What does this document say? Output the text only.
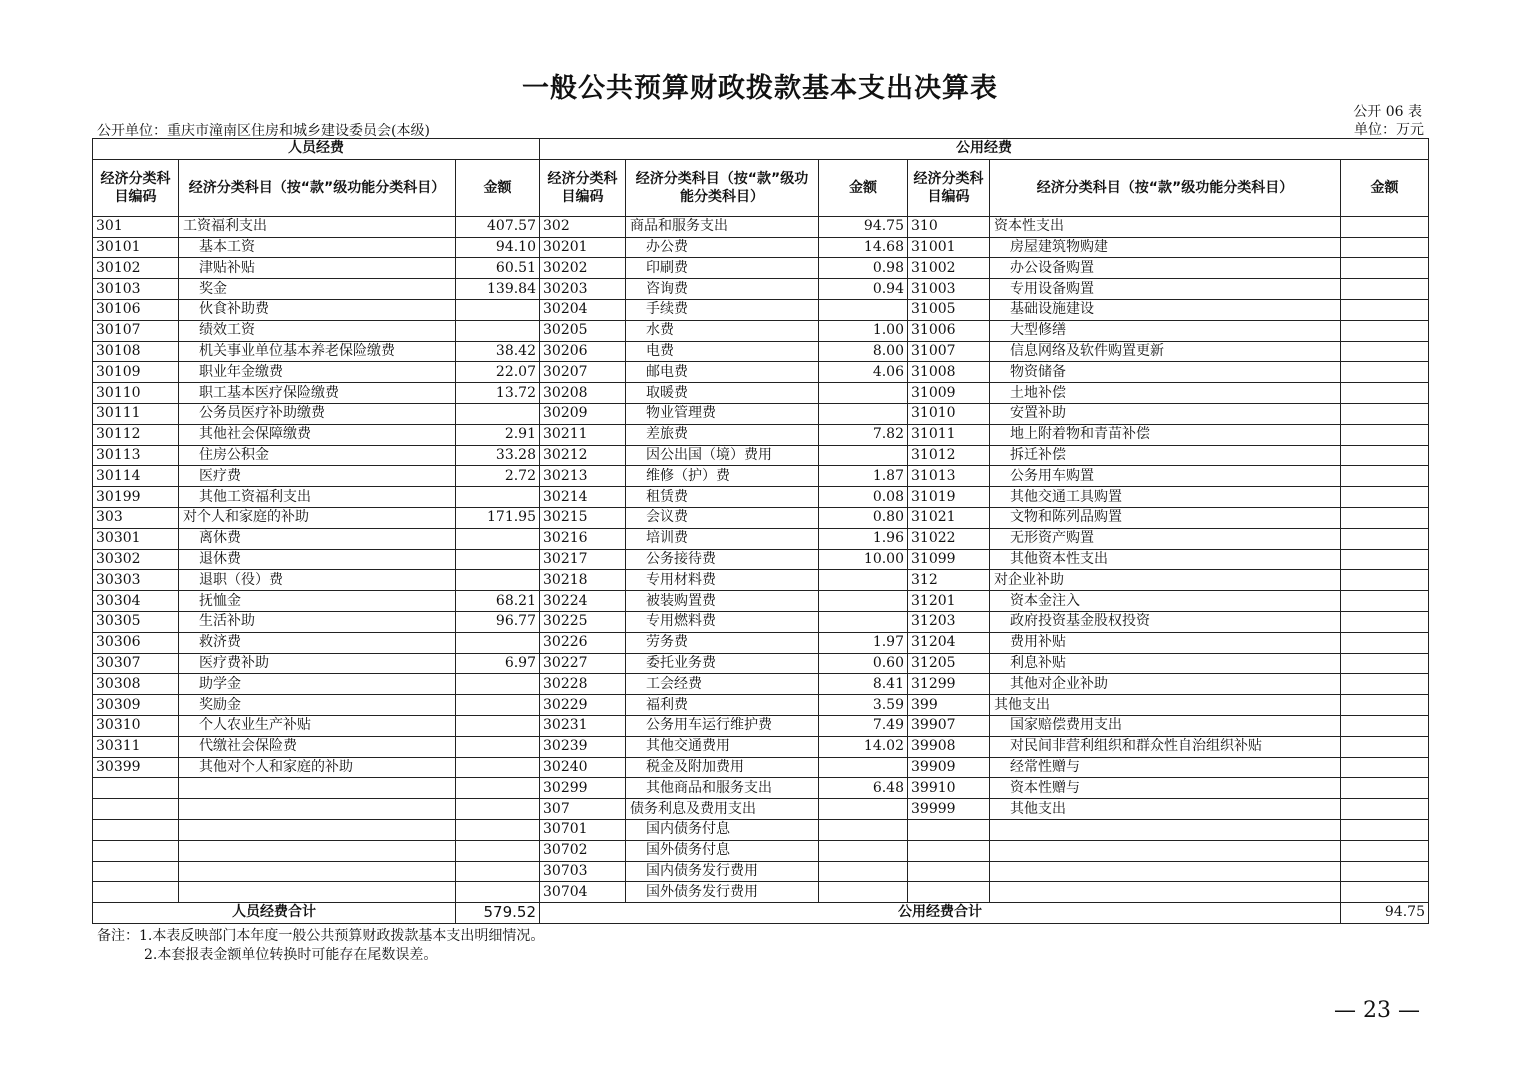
一般公共预算财政拨款基本支出决算表
公开 06 表
公开单位：重庆市潼南区住房和城乡建设委员会(本级)	单位：万元
人员经费			公用经费					
经济分类科目编码	经济分类科目（按“款”级功能分类科目）	金额	经济分类科目编码	经济分类科目（按“款”级功能分类科目）	金额	经济分类科目编码	经济分类科目（按“款”级功能分类科目）	金额
301	工资福利支出	407.57	302	商品和服务支出	94.75	310	资本性支出	
30101	基本工资	94.10	30201	办公费	14.68	31001	房屋建筑物购建	
30102	津贴补贴	60.51	30202	印刷费	0.98	31002	办公设备购置	
30103	奖金	139.84	30203	咨询费	0.94	31003	专用设备购置	
30106	伙食补助费		30204	手续费		31005	基础设施建设	
30107	绩效工资		30205	水费	1.00	31006	大型修缮	
30108	机关事业单位基本养老保险缴费	38.42	30206	电费	8.00	31007	信息网络及软件购置更新	
30109	职业年金缴费	22.07	30207	邮电费	4.06	31008	物资储备	
30110	职工基本医疗保险缴费	13.72	30208	取暖费		31009	土地补偿	
30111	公务员医疗补助缴费		30209	物业管理费		31010	安置补助	
30112	其他社会保障缴费	2.91	30211	差旅费	7.82	31011	地上附着物和青苗补偿	
30113	住房公积金	33.28	30212	因公出国（境）费用		31012	拆迁补偿	
30114	医疗费	2.72	30213	维修（护）费	1.87	31013	公务用车购置	
30199	其他工资福利支出		30214	租赁费	0.08	31019	其他交通工具购置	
303	对个人和家庭的补助	171.95	30215	会议费	0.80	31021	文物和陈列品购置	
30301	离休费		30216	培训费	1.96	31022	无形资产购置	
30302	退休费		30217	公务接待费	10.00	31099	其他资本性支出	
30303	退职（役）费		30218	专用材料费		312	对企业补助	
30304	抚恤金	68.21	30224	被装购置费		31201	资本金注入	
30305	生活补助	96.77	30225	专用燃料费		31203	政府投资基金股权投资	
30306	救济费		30226	劳务费	1.97	31204	费用补贴	
30307	医疗费补助	6.97	30227	委托业务费	0.60	31205	利息补贴	
30308	助学金		30228	工会经费	8.41	31299	其他对企业补助	
30309	奖励金		30229	福利费	3.59	399	其他支出	
30310	个人农业生产补贴		30231	公务用车运行维护费	7.49	39907	国家赔偿费用支出	
30311	代缴社会保险费		30239	其他交通费用	14.02	39908	对民间非营利组织和群众性自治组织补贴	
30399	其他对个人和家庭的补助		30240	税金及附加费用		39909	经常性赠与	
			30299	其他商品和服务支出	6.48	39910	资本性赠与	
			307	债务利息及费用支出		39999	其他支出	
			30701	国内债务付息				
			30702	国外债务付息				
			30703	国内债务发行费用				
			30704	国外债务发行费用				
人员经费合计		579.52	公用经费合计					94.75
备注：1.本表反映部门本年度一般公共预算财政拨款基本支出明细情况。
2.本套报表金额单位转换时可能存在尾数误差。
— 23 —
